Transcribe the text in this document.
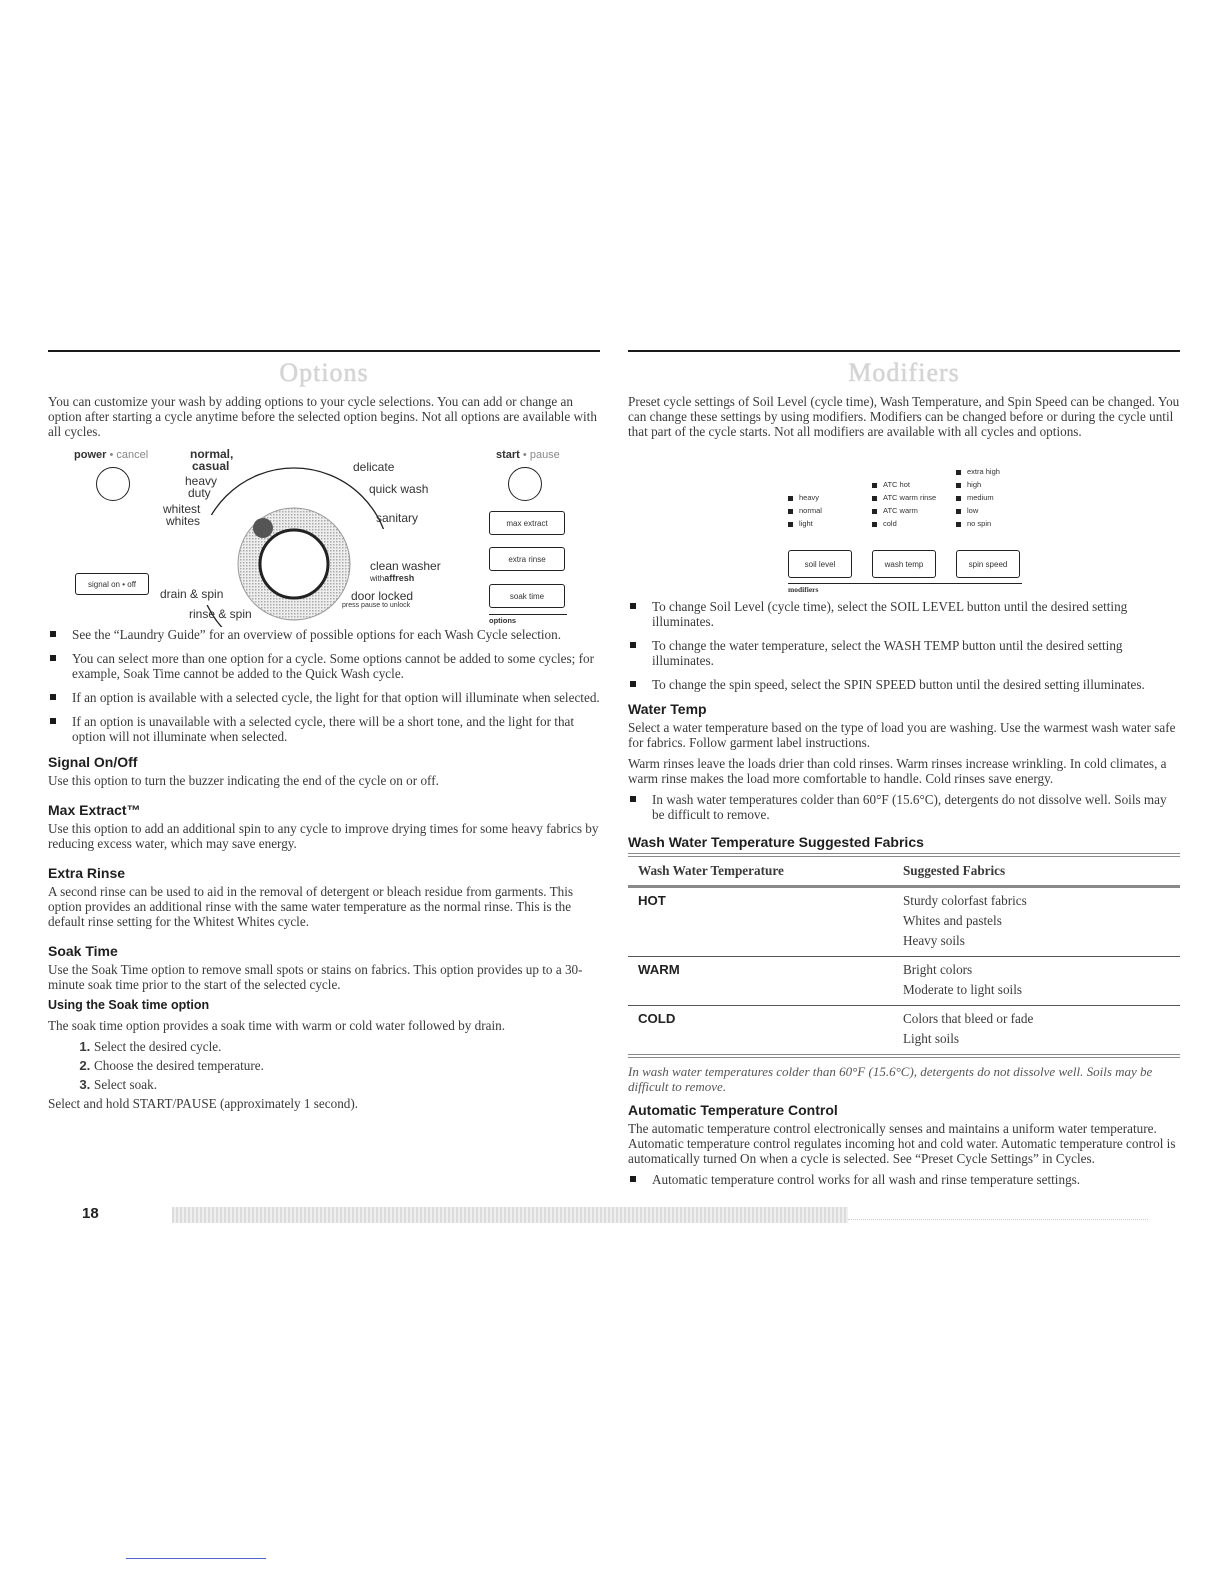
Options

You can customize your wash by adding options to your cycle selections. You can add or change an option after starting a cycle anytime before the selected option begins. Not all options are available with all cycles.

power • cancel
signal on • off
normal,
casual
heavy
duty
whitest
whites
drain & spin
rinse & spin
delicate
quick wash
sanitary
clean washer
withaffresh
door locked
press pause to unlock
start • pause
max extract
extra rinse
soak time
options
See the “Laundry Guide” for an overview of possible options for each Wash Cycle selection.
You can select more than one option for a cycle. Some options cannot be added to some cycles; for example, Soak Time cannot be added to the Quick Wash cycle.
If an option is available with a selected cycle, the light for that option will illuminate when selected.
If an option is unavailable with a selected cycle, there will be a short tone, and the light for that option will not illuminate when selected.
Signal On/Off

Use this option to turn the buzzer indicating the end of the cycle on or off.

Max Extract™

Use this option to add an additional spin to any cycle to improve drying times for some heavy fabrics by reducing excess water, which may save energy.

Extra Rinse

A second rinse can be used to aid in the removal of detergent or bleach residue from garments. This option provides an additional rinse with the same water temperature as the normal rinse. This is the default rinse setting for the Whitest Whites cycle.

Soak Time

Use the Soak Time option to remove small spots or stains on fabrics. This option provides up to a 30-minute soak time prior to the start of the selected cycle.

Using the Soak time option

The soak time option provides a soak time with warm or cold water followed by drain.

1. Select the desired cycle.
2. Choose the desired temperature.
3. Select soak.

Select and hold START/PAUSE (approximately 1 second).

Modifiers

Preset cycle settings of Soil Level (cycle time), Wash Temperature, and Spin Speed can be changed. You can change these settings by using modifiers. Modifiers can be changed before or during the cycle until that part of the cycle starts. Not all modifiers are available with all cycles and options.

heavy
normal
light
ATC hot
ATC warm rinse
ATC warm
cold
extra high
high
medium
low
no spin
soil level	wash temp	spin speed
modifiers
To change Soil Level (cycle time), select the SOIL LEVEL button until the desired setting illuminates.
To change the water temperature, select the WASH TEMP button until the desired setting illuminates.
To change the spin speed, select the SPIN SPEED button until the desired setting illuminates.
Water Temp

Select a water temperature based on the type of load you are washing. Use the warmest wash water safe for fabrics. Follow garment label instructions.

Warm rinses leave the loads drier than cold rinses. Warm rinses increase wrinkling. In cold climates, a warm rinse makes the load more comfortable to handle. Cold rinses save energy.

In wash water temperatures colder than 60°F (15.6°C), detergents do not dissolve well. Soils may be difficult to remove.
Wash Water Temperature Suggested Fabrics
Wash Water Temperature	Suggested Fabrics
HOT	Sturdy colorfast fabrics
Whites and pastels
Heavy soils

WARM	Bright colors
Moderate to light soils

COLD	Colors that bleed or fade
Light soils

In wash water temperatures colder than 60°F (15.6°C), detergents do not dissolve well. Soils may be difficult to remove.

Automatic Temperature Control

The automatic temperature control electronically senses and maintains a uniform water temperature. Automatic temperature control regulates incoming hot and cold water. Automatic temperature control is automatically turned On when a cycle is selected. See “Preset Cycle Settings” in Cycles.

Automatic temperature control works for all wash and rinse temperature settings.
18
